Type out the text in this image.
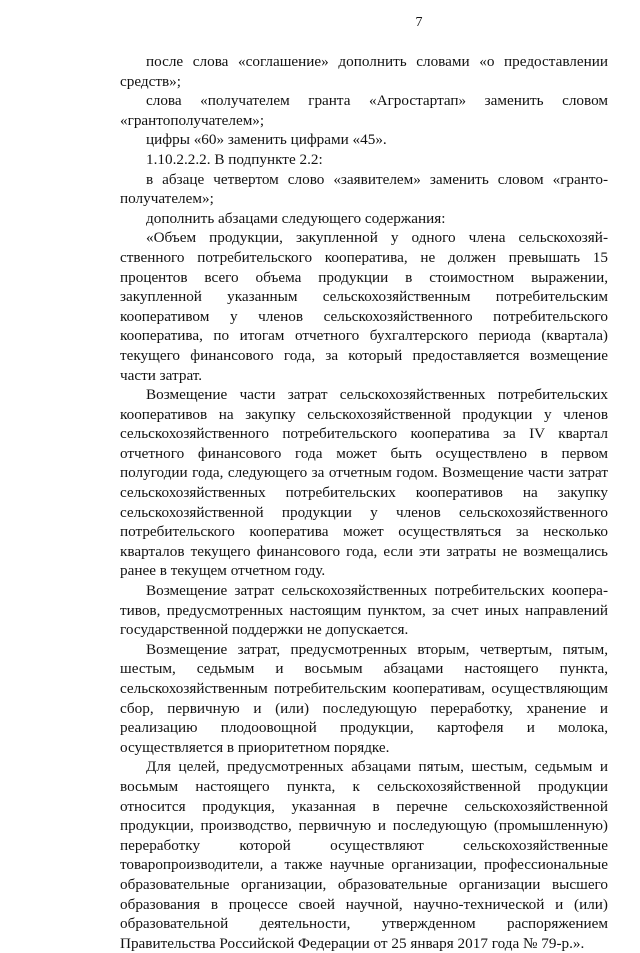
7

после слова «соглашение» дополнить словами «о предоставлении средств»;

слова «получателем гранта «Агростартап» заменить словом «грантополучателем»;

цифры «60» заменить цифрами «45».

1.10.2.2.2. В подпункте 2.2:

в абзаце четвертом слово «заявителем» заменить словом «грантополучателем»;

дополнить абзацами следующего содержания:

«Объем продукции, закупленной у одного члена сельскохозяйственного потребительского кооператива, не должен превышать 15 процентов всего объема продукции в стоимостном выражении, закупленной указанным сельскохозяйственным потребительским кооперативом у членов сельскохозяйственного потребительского кооператива, по итогам отчетного бухгалтерского периода (квартала) текущего финансового года, за который предоставляется возмещение части затрат.

Возмещение части затрат сельскохозяйственных потребительских кооперативов на закупку сельскохозяйственной продукции у членов сельскохозяйственного потребительского кооператива за IV квартал отчетного финансового года может быть осуществлено в первом полугодии года, следующего за отчетным годом. Возмещение части затрат сельскохозяйственных потребительских кооперативов на закупку сельскохозяйственной продукции у членов сельскохозяйственного потребительского кооператива может осуществляться за несколько кварталов текущего финансового года, если эти затраты не возмещались ранее в текущем отчетном году.

Возмещение затрат сельскохозяйственных потребительских кооперативов, предусмотренных настоящим пунктом, за счет иных направлений государственной поддержки не допускается.

Возмещение затрат, предусмотренных вторым, четвертым, пятым, шестым, седьмым и восьмым абзацами настоящего пункта, сельскохозяйственным потребительским кооперативам, осуществляющим сбор, первичную и (или) последующую переработку, хранение и реализацию плодоовощной продукции, картофеля и молока, осуществляется в приоритетном порядке.

Для целей, предусмотренных абзацами пятым, шестым, седьмым и восьмым настоящего пункта, к сельскохозяйственной продукции относится продукция, указанная в перечне сельскохозяйственной продукции, производство, первичную и последующую (промышленную) переработку которой осуществляют сельскохозяйственные товаропроизводители, а также научные организации, профессиональные образовательные организации, образовательные организации высшего образования в процессе своей научной, научно-технической и (или) образовательной деятельности, утвержденном распоряжением Правительства Российской Федерации от 25 января 2017 года № 79-р.».
